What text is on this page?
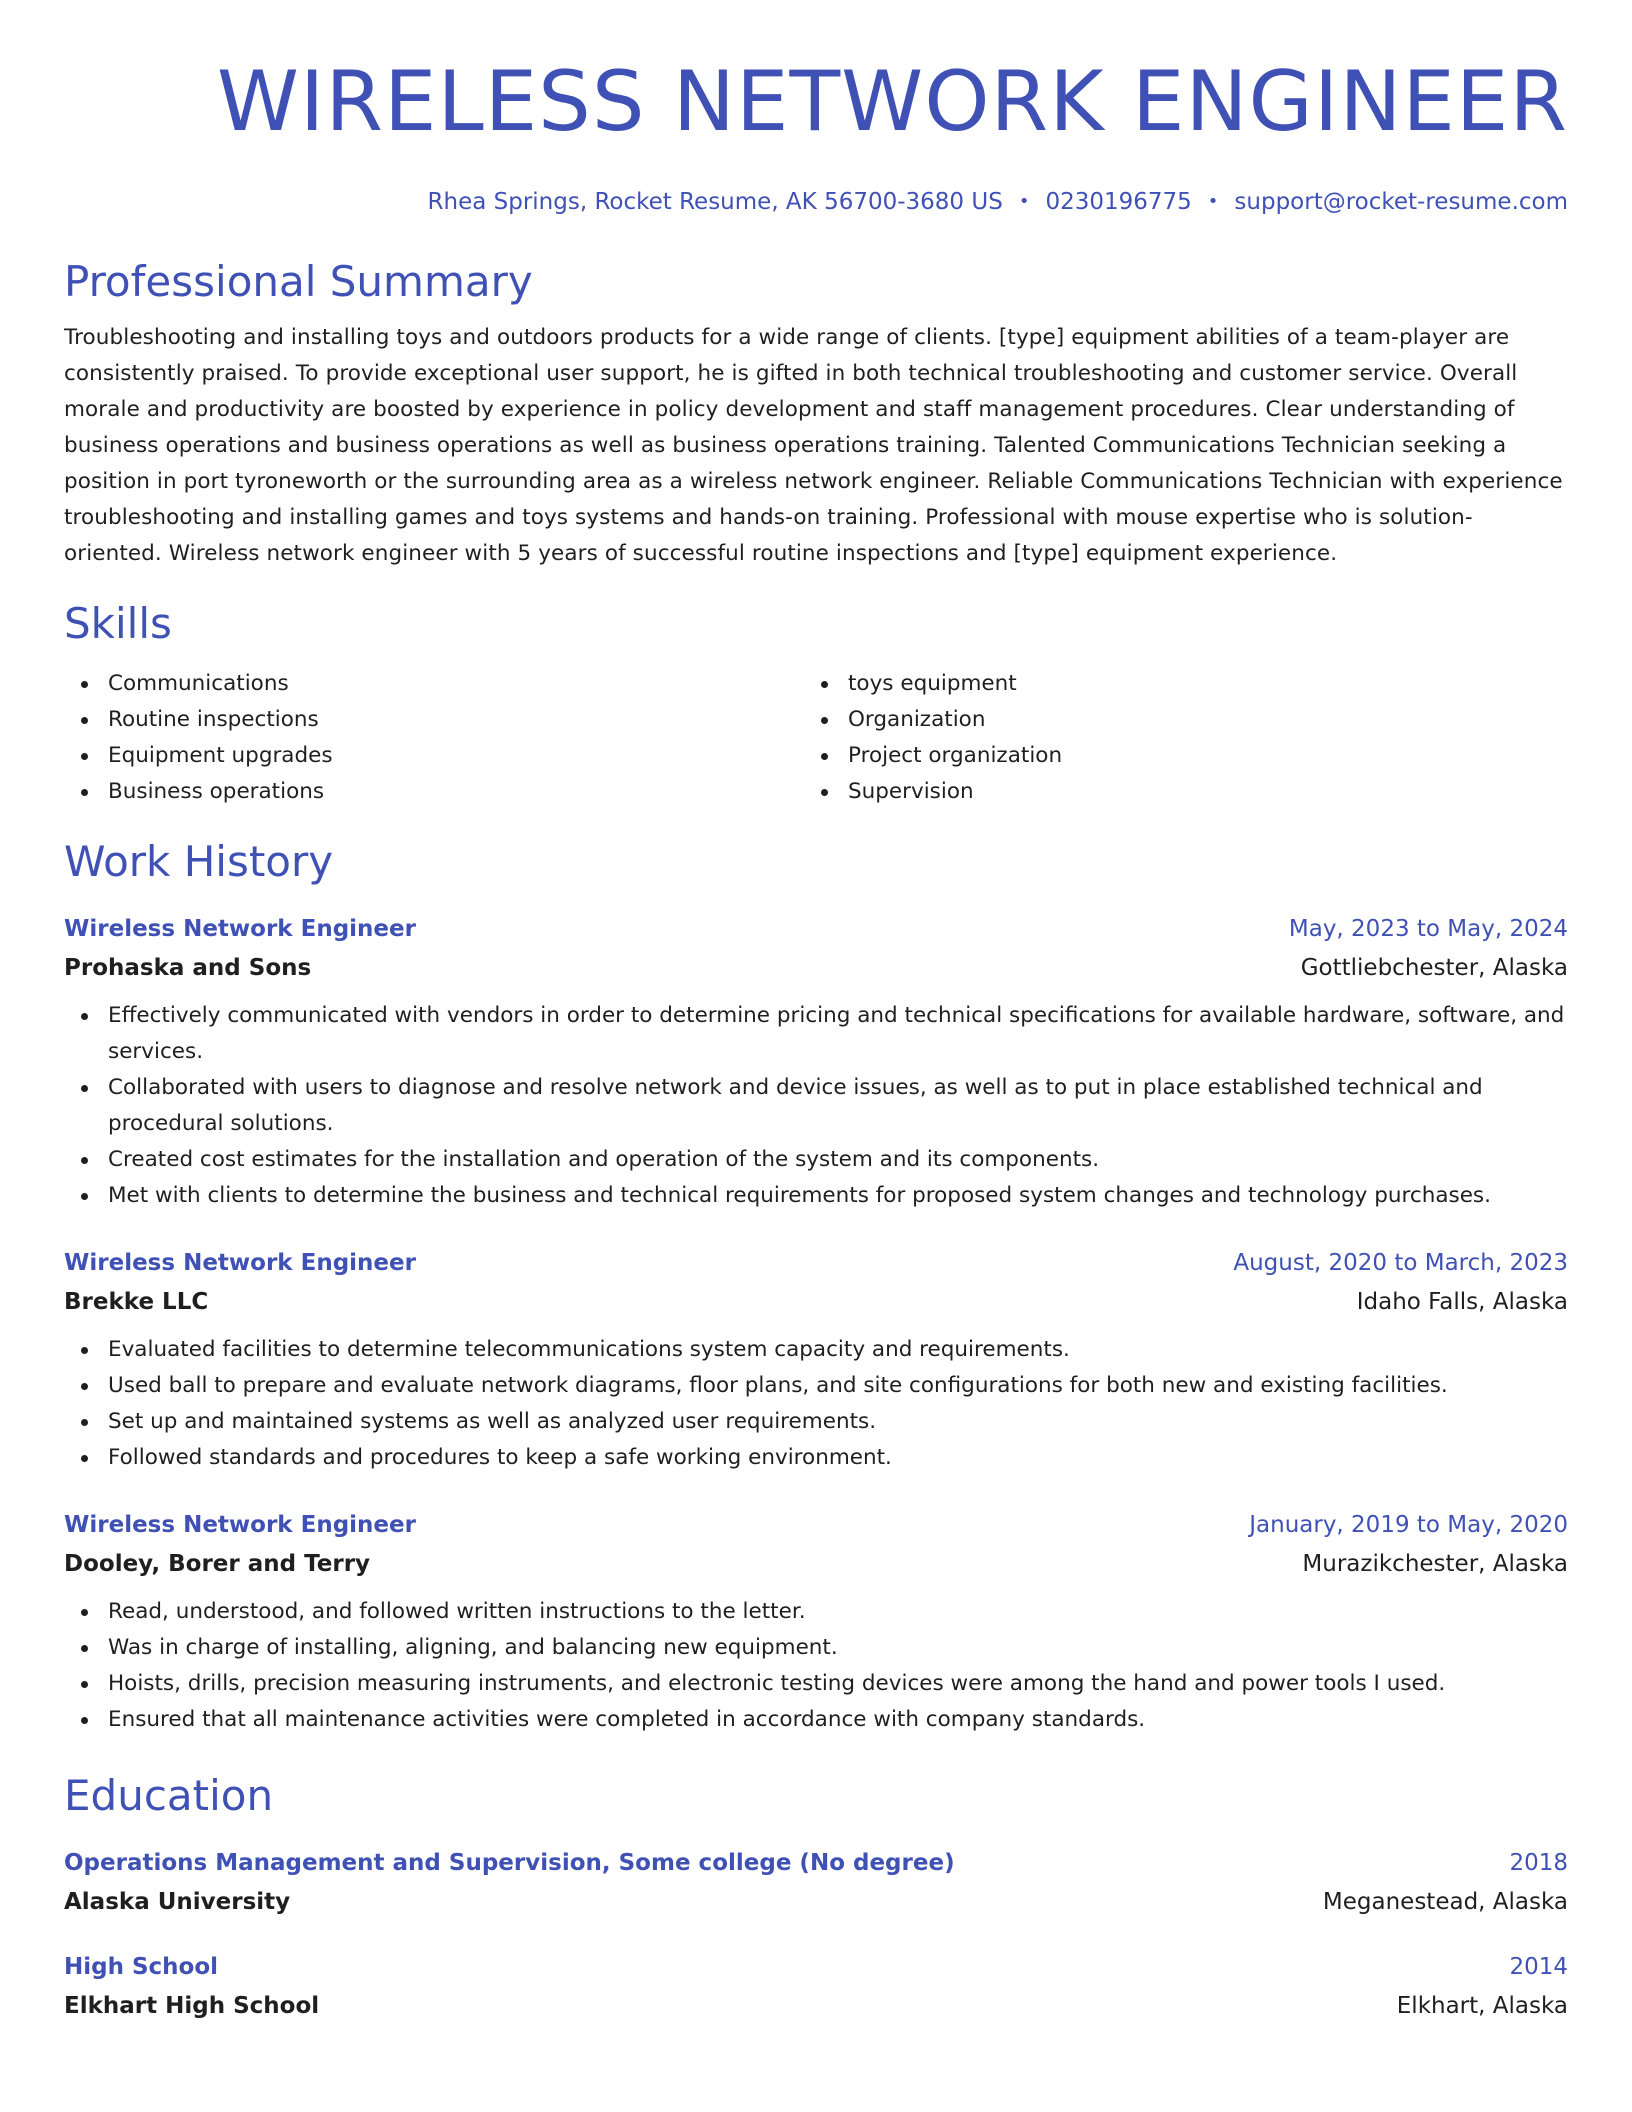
WIRELESS NETWORK ENGINEER
Rhea Springs, Rocket Resume, AK 56700-3680 US • 0230196775 • support@rocket-resume.com
Professional Summary

Troubleshooting and installing toys and outdoors products for a wide range of clients. [type] equipment abilities of a team-player are consistently praised. To provide exceptional user support, he is gifted in both technical troubleshooting and customer service. Overall morale and productivity are boosted by experience in policy development and staff management procedures. Clear understanding of business operations and business operations as well as business operations training. Talented Communications Technician seeking a position in port tyroneworth or the surrounding area as a wireless network engineer. Reliable Communications Technician with experience troubleshooting and installing games and toys systems and hands-on training. Professional with mouse expertise who is solution-oriented. Wireless network engineer with 5 years of successful routine inspections and [type] equipment experience.

Skills
Communications
Routine inspections
Equipment upgrades
Business operations
toys equipment
Organization
Project organization
Supervision
Work History
Wireless Network Engineer	May, 2023 to May, 2024
Prohaska and Sons	Gottliebchester, Alaska
Effectively communicated with vendors in order to determine pricing and technical specifications for available hardware, software, and services.
Collaborated with users to diagnose and resolve network and device issues, as well as to put in place established technical and procedural solutions.
Created cost estimates for the installation and operation of the system and its components.
Met with clients to determine the business and technical requirements for proposed system changes and technology purchases.
Wireless Network Engineer	August, 2020 to March, 2023
Brekke LLC	Idaho Falls, Alaska
Evaluated facilities to determine telecommunications system capacity and requirements.
Used ball to prepare and evaluate network diagrams, floor plans, and site configurations for both new and existing facilities.
Set up and maintained systems as well as analyzed user requirements.
Followed standards and procedures to keep a safe working environment.
Wireless Network Engineer	January, 2019 to May, 2020
Dooley, Borer and Terry	Murazikchester, Alaska
Read, understood, and followed written instructions to the letter.
Was in charge of installing, aligning, and balancing new equipment.
Hoists, drills, precision measuring instruments, and electronic testing devices were among the hand and power tools I used.
Ensured that all maintenance activities were completed in accordance with company standards.
Education
Operations Management and Supervision, Some college (No degree)	2018
Alaska University	Meganestead, Alaska
High School	2014
Elkhart High School	Elkhart, Alaska
